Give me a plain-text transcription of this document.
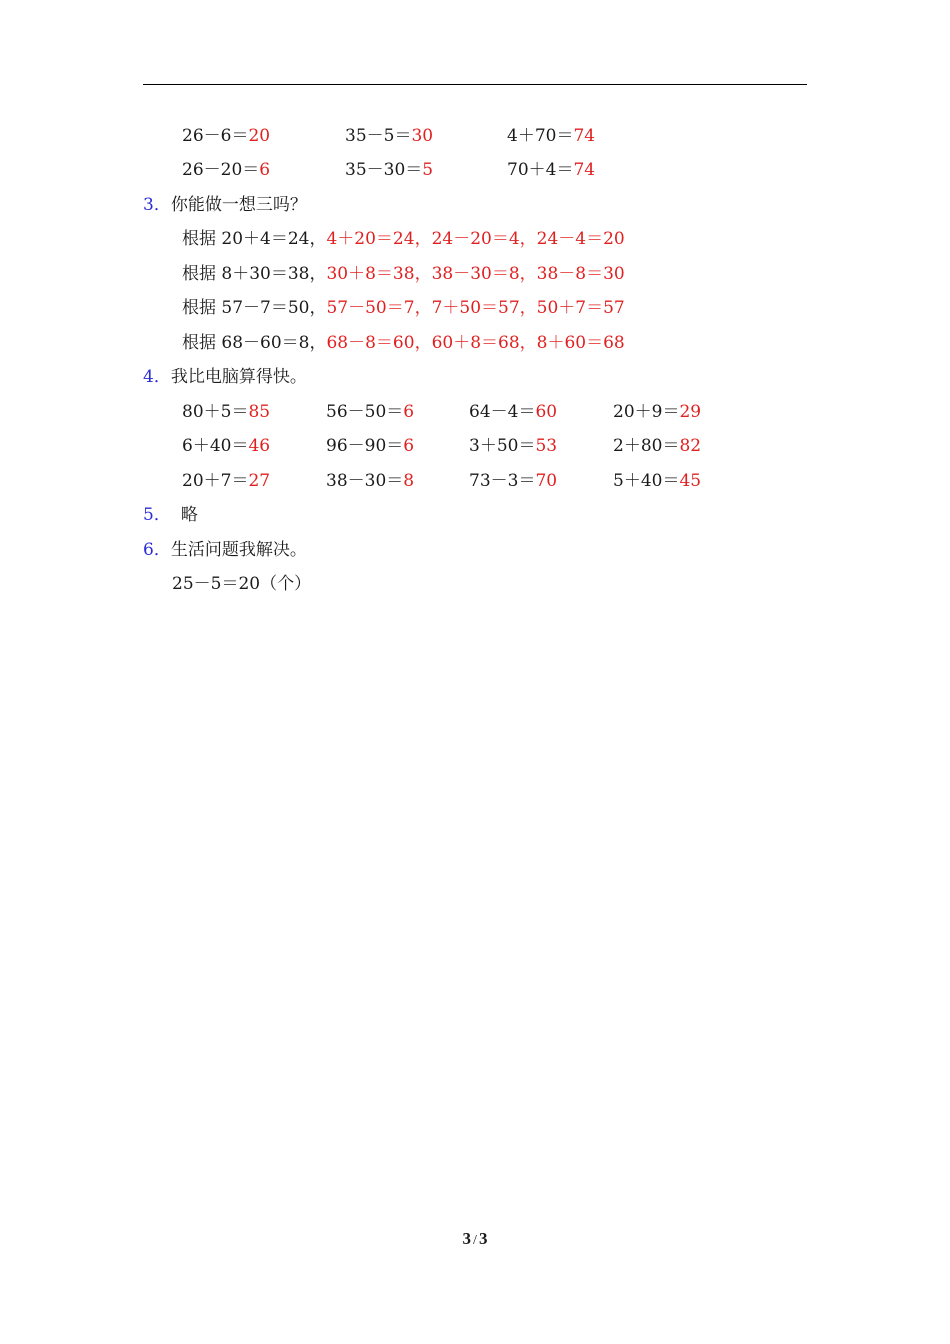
26－6＝20	35－5＝30	4＋70＝74
26－20＝6	35－30＝5	70＋4＝74
3．你能做一想三吗？
根据 20＋4＝24，4＋20＝24，24－20＝4，24－4＝20
根据 8＋30＝38，30＋8＝38，38－30＝8，38－8＝30
根据 57－7＝50，57－50＝7，7＋50＝57，50＋7＝57
根据 68－60＝8，68－8＝60，60＋8＝68，8＋60＝68
4．我比电脑算得快。
80＋5＝85	56－50＝6	64－4＝60	20＋9＝29
6＋40＝46	96－90＝6	3＋50＝53	2＋80＝82
20＋7＝27	38－30＝8	73－3＝70	5＋40＝45
5． 略
6．生活问题我解决。
25－5＝20（个）
3 / 3
